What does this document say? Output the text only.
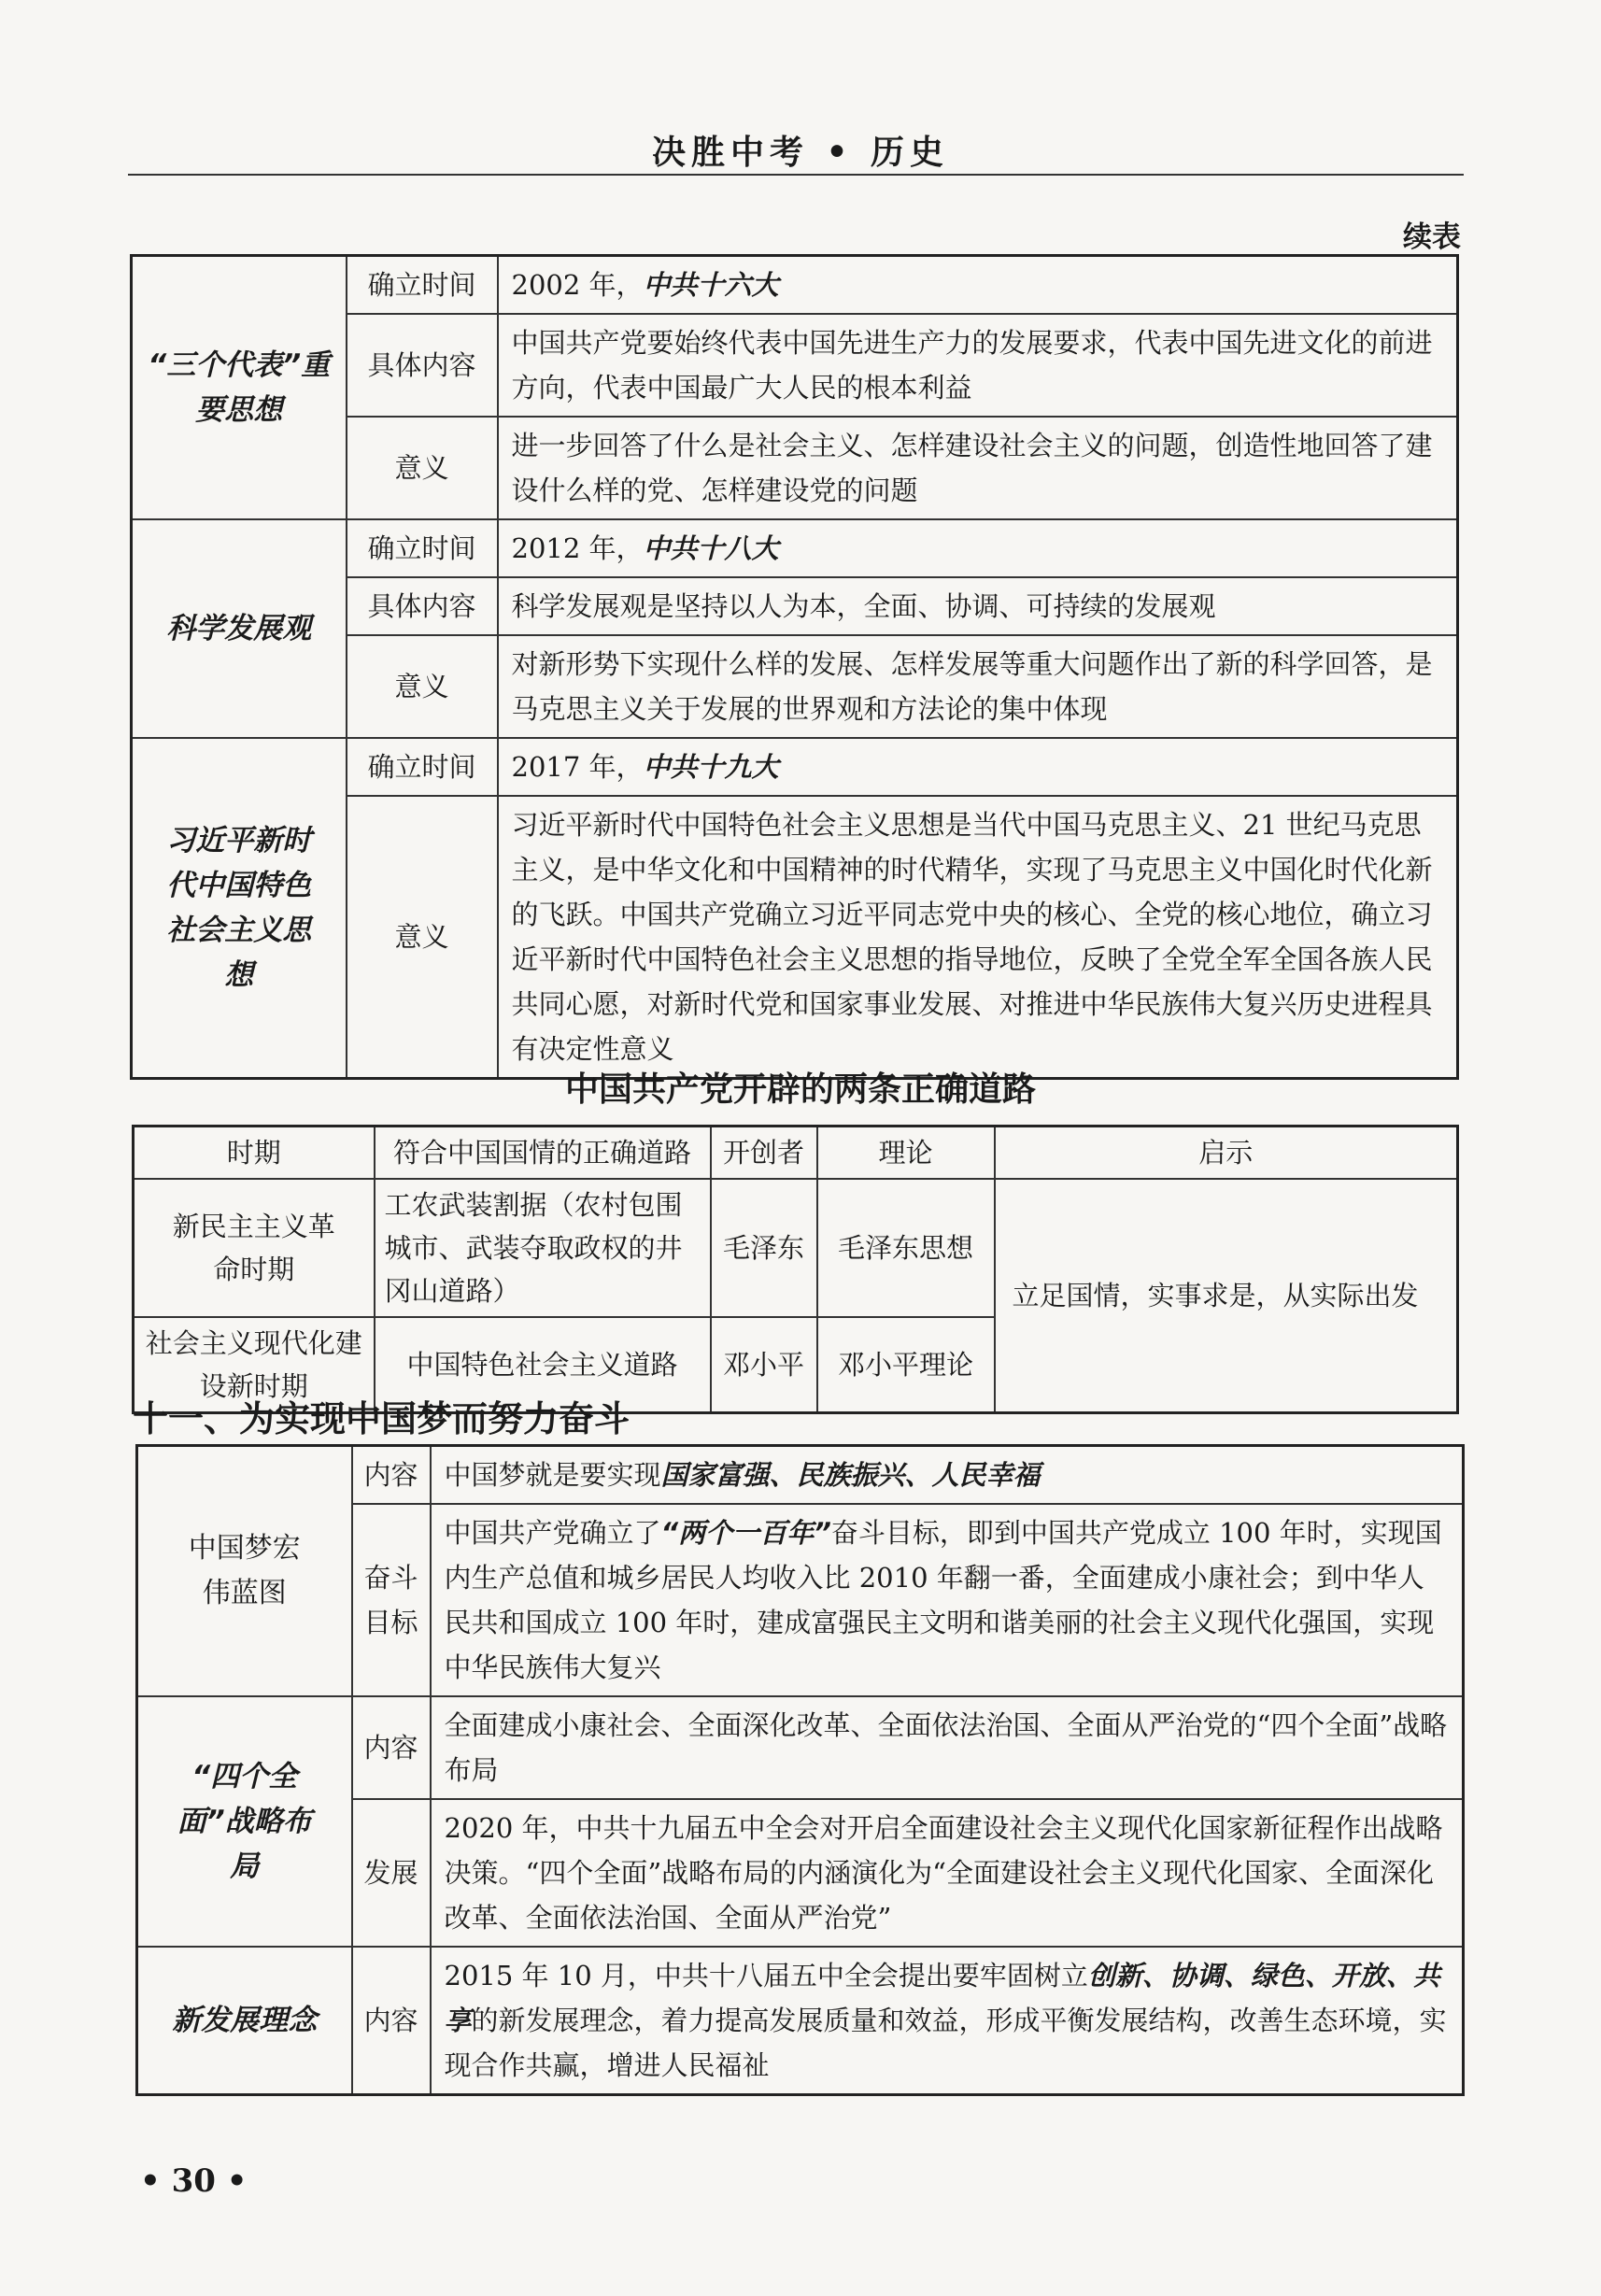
决胜中考 • 历史
续表
“三个代表”重要思想	确立时间	2002 年，中共十六大
	具体内容	中国共产党要始终代表中国先进生产力的发展要求，代表中国先进文化的前进方向，代表中国最广大人民的根本利益
	意义	进一步回答了什么是社会主义、怎样建设社会主义的问题，创造性地回答了建设什么样的党、怎样建设党的问题
科学发展观	确立时间	2012 年，中共十八大
	具体内容	科学发展观是坚持以人为本，全面、协调、可持续的发展观
	意义	对新形势下实现什么样的发展、怎样发展等重大问题作出了新的科学回答，是马克思主义关于发展的世界观和方法论的集中体现
习近平新时代中国特色社会主义思想	确立时间	2017 年，中共十九大
	意义	习近平新时代中国特色社会主义思想是当代中国马克思主义、21 世纪马克思主义，是中华文化和中国精神的时代精华，实现了马克思主义中国化时代化新的飞跃。中国共产党确立习近平同志党中央的核心、全党的核心地位，确立习近平新时代中国特色社会主义思想的指导地位，反映了全党全军全国各族人民共同心愿，对新时代党和国家事业发展、对推进中华民族伟大复兴历史进程具有决定性意义
中国共产党开辟的两条正确道路
时期	符合中国国情的正确道路	开创者	理论	启示
新民主主义革命时期	工农武装割据（农村包围城市、武装夺取政权的井冈山道路）	毛泽东	毛泽东思想	立足国情，实事求是，从实际出发
社会主义现代化建设新时期	中国特色社会主义道路	邓小平	邓小平理论	
十一、为实现中国梦而努力奋斗
中国梦宏伟蓝图	内容	中国梦就是要实现国家富强、民族振兴、人民幸福
	奋斗目标	中国共产党确立了“两个一百年”奋斗目标，即到中国共产党成立 100 年时，实现国内生产总值和城乡居民人均收入比 2010 年翻一番，全面建成小康社会；到中华人民共和国成立 100 年时，建成富强民主文明和谐美丽的社会主义现代化强国，实现中华民族伟大复兴
“四个全面”战略布局	内容	全面建成小康社会、全面深化改革、全面依法治国、全面从严治党的“四个全面”战略布局
	发展	2020 年，中共十九届五中全会对开启全面建设社会主义现代化国家新征程作出战略决策。“四个全面”战略布局的内涵演化为“全面建设社会主义现代化国家、全面深化改革、全面依法治国、全面从严治党”
新发展理念	内容	2015 年 10 月，中共十八届五中全会提出要牢固树立创新、协调、绿色、开放、共享的新发展理念，着力提高发展质量和效益，形成平衡发展结构，改善生态环境，实现合作共赢，增进人民福祉
• 30 •
